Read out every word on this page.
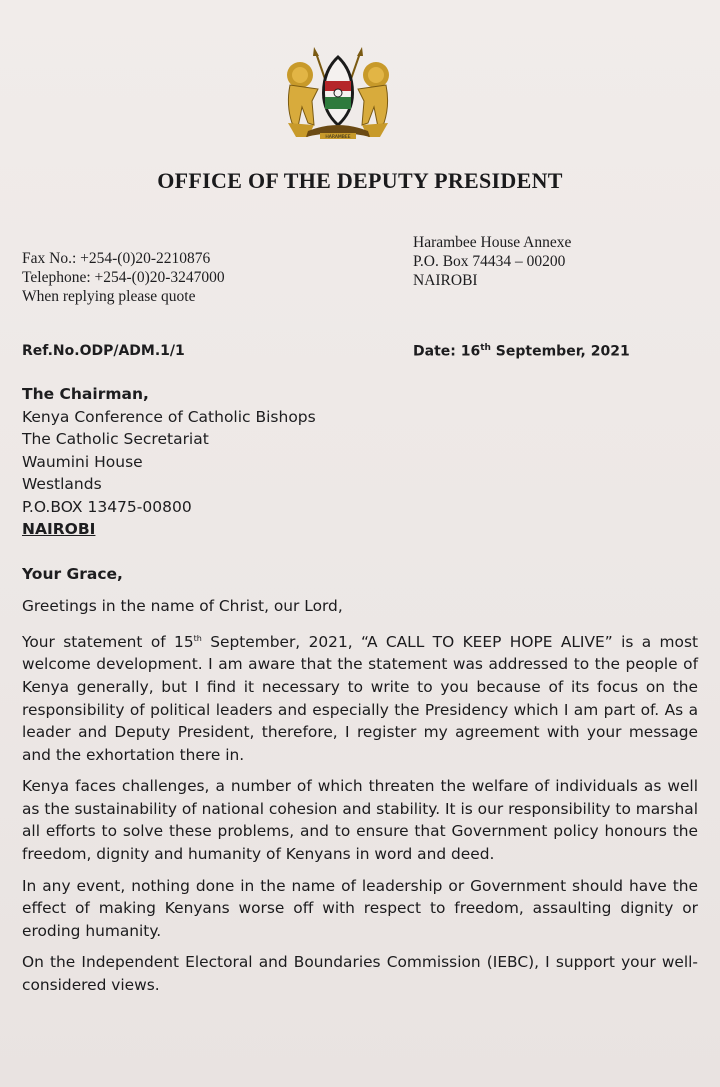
HARAMBEE
OFFICE OF THE DEPUTY PRESIDENT
Fax No.: +254-(0)20-2210876
Telephone: +254-(0)20-3247000
When replying please quote
Harambee House Annexe
P.O. Box 74434 – 00200
NAIROBI
Ref.No.ODP/ADM.1/1	Date: 16th September, 2021
The Chairman,
Kenya Conference of Catholic Bishops
The Catholic Secretariat
Waumini House
Westlands
P.O.BOX 13475-00800
NAIROBI
Your Grace,

Greetings in the name of Christ, our Lord,

Your statement of 15th September, 2021, “A CALL TO KEEP HOPE ALIVE” is a most welcome development. I am aware that the statement was addressed to the people of Kenya generally, but I find it necessary to write to you because of its focus on the responsibility of political leaders and especially the Presidency which I am part of. As a leader and Deputy President, therefore, I register my agreement with your message and the exhortation there in.

Kenya faces challenges, a number of which threaten the welfare of individuals as well as the sustainability of national cohesion and stability. It is our responsibility to marshal all efforts to solve these problems, and to ensure that Government policy honours the freedom, dignity and humanity of Kenyans in word and deed.

In any event, nothing done in the name of leadership or Government should have the effect of making Kenyans worse off with respect to freedom, assaulting dignity or eroding humanity.

On the Independent Electoral and Boundaries Commission (IEBC), I support your well-considered views.
